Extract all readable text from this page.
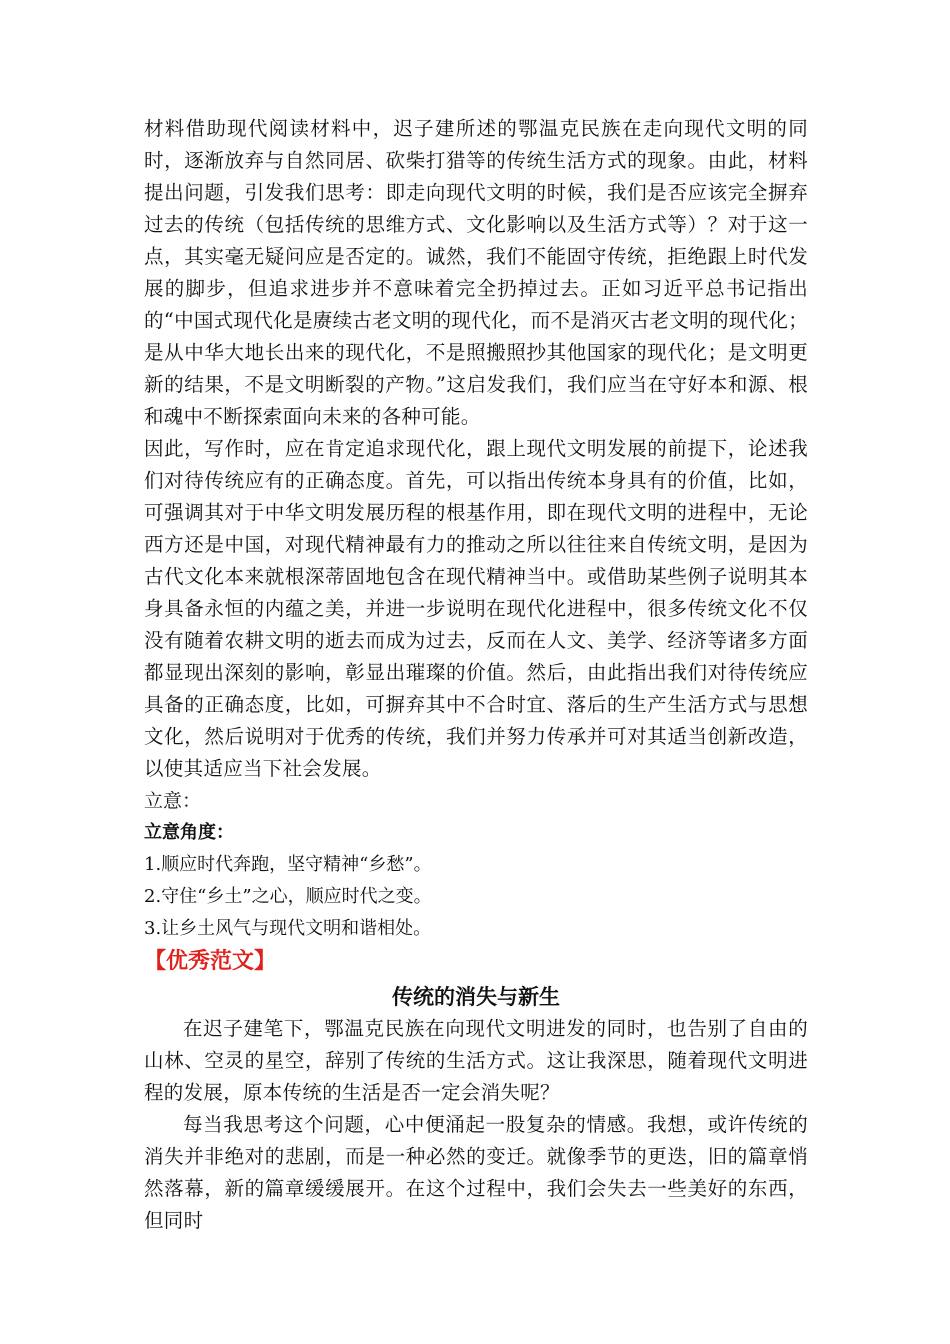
材料借助现代阅读材料中，迟子建所述的鄂温克民族在走向现代文明的同时，逐渐放弃与自然同居、砍柴打猎等的传统生活方式的现象。由此，材料提出问题，引发我们思考：即走向现代文明的时候，我们是否应该完全摒弃过去的传统（包括传统的思维方式、文化影响以及生活方式等）？对于这一点，其实毫无疑问应是否定的。诚然，我们不能固守传统，拒绝跟上时代发展的脚步，但追求进步并不意味着完全扔掉过去。正如习近平总书记指出的“中国式现代化是赓续古老文明的现代化，而不是消灭古老文明的现代化；是从中华大地长出来的现代化，不是照搬照抄其他国家的现代化；是文明更新的结果，不是文明断裂的产物。”这启发我们，我们应当在守好本和源、根和魂中不断探索面向未来的各种可能。

因此，写作时，应在肯定追求现代化，跟上现代文明发展的前提下，论述我们对待传统应有的正确态度。首先，可以指出传统本身具有的价值，比如，可强调其对于中华文明发展历程的根基作用，即在现代文明的进程中，无论西方还是中国，对现代精神最有力的推动之所以往往来自传统文明，是因为古代文化本来就根深蒂固地包含在现代精神当中。或借助某些例子说明其本身具备永恒的内蕴之美，并进一步说明在现代化进程中，很多传统文化不仅没有随着农耕文明的逝去而成为过去，反而在人文、美学、经济等诸多方面都显现出深刻的影响，彰显出璀璨的价值。然后，由此指出我们对待传统应具备的正确态度，比如，可摒弃其中不合时宜、落后的生产生活方式与思想文化，然后说明对于优秀的传统，我们并努力传承并可对其适当创新改造，以使其适应当下社会发展。

立意：

立意角度：

1.顺应时代奔跑，坚守精神“乡愁”。

2.守住“乡土”之心，顺应时代之变。

3.让乡土风气与现代文明和谐相处。

【优秀范文】

传统的消失与新生

在迟子建笔下，鄂温克民族在向现代文明进发的同时，也告别了自由的山林、空灵的星空，辞别了传统的生活方式。这让我深思，随着现代文明进程的发展，原本传统的生活是否一定会消失呢？

每当我思考这个问题，心中便涌起一股复杂的情感。我想，或许传统的消失并非绝对的悲剧，而是一种必然的变迁。就像季节的更迭，旧的篇章悄然落幕，新的篇章缓缓展开。在这个过程中，我们会失去一些美好的东西，但同时
